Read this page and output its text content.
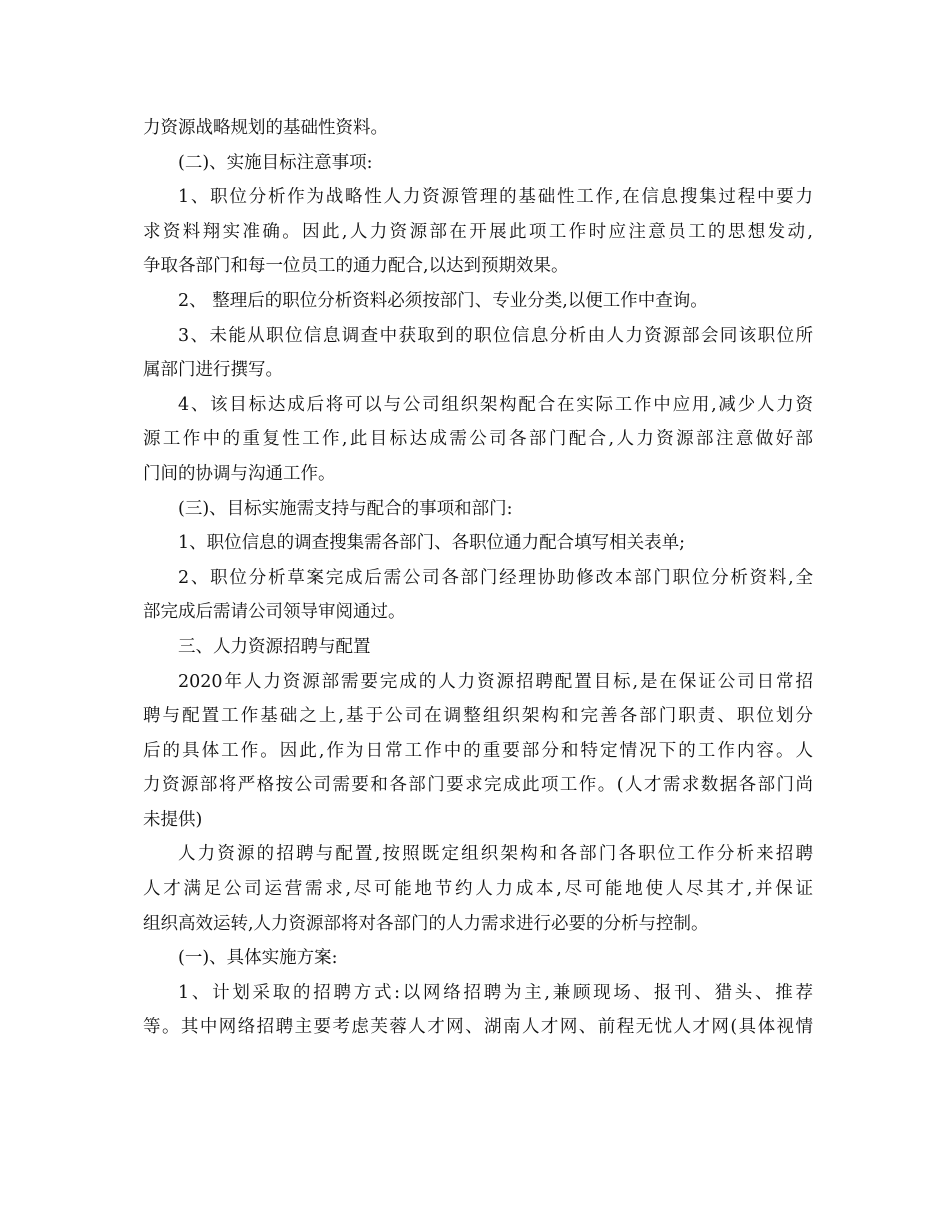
力资源战略规划的基础性资料。
(二)、实施目标注意事项:
1、职位分析作为战略性人力资源管理的基础性工作,在信息搜集过程中要力
求资料翔实准确。因此,人力资源部在开展此项工作时应注意员工的思想发动,
争取各部门和每一位员工的通力配合,以达到预期效果。
2、 整理后的职位分析资料必须按部门、专业分类,以便工作中查询。
3、未能从职位信息调查中获取到的职位信息分析由人力资源部会同该职位所
属部门进行撰写。
4、该目标达成后将可以与公司组织架构配合在实际工作中应用,减少人力资
源工作中的重复性工作,此目标达成需公司各部门配合,人力资源部注意做好部
门间的协调与沟通工作。
(三)、目标实施需支持与配合的事项和部门:
1、职位信息的调查搜集需各部门、各职位通力配合填写相关表单;
2、职位分析草案完成后需公司各部门经理协助修改本部门职位分析资料,全
部完成后需请公司领导审阅通过。
三、人力资源招聘与配置
2020年人力资源部需要完成的人力资源招聘配置目标,是在保证公司日常招
聘与配置工作基础之上,基于公司在调整组织架构和完善各部门职责、职位划分
后的具体工作。因此,作为日常工作中的重要部分和特定情况下的工作内容。人
力资源部将严格按公司需要和各部门要求完成此项工作。(人才需求数据各部门尚
未提供)
人力资源的招聘与配置,按照既定组织架构和各部门各职位工作分析来招聘
人才满足公司运营需求,尽可能地节约人力成本,尽可能地使人尽其才,并保证
组织高效运转,人力资源部将对各部门的人力需求进行必要的分析与控制。
(一)、具体实施方案:
1、计划采取的招聘方式:以网络招聘为主,兼顾现场、报刊、猎头、推荐
等。其中网络招聘主要考虑芙蓉人才网、湖南人才网、前程无忧人才网(具体视情
